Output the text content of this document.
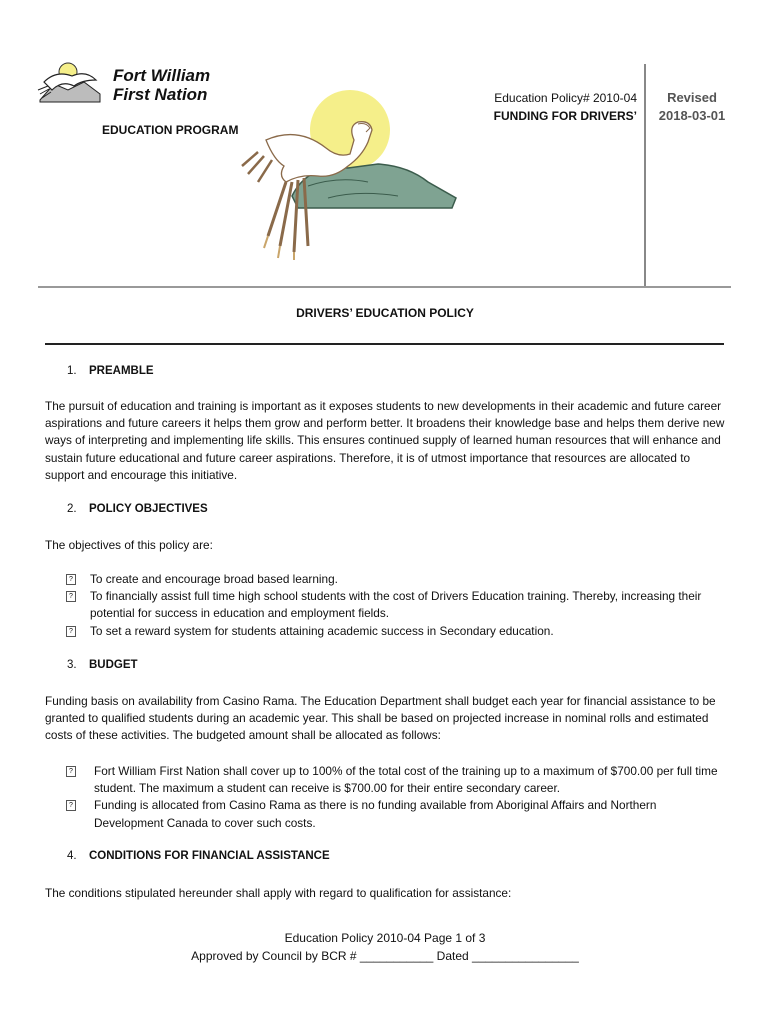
Fort William
First Nation
EDUCATION PROGRAM
Education Policy# 2010-04
FUNDING FOR DRIVERS’
Revised
2018-03-01
DRIVERS’ EDUCATION POLICY
1. PREAMBLE
The pursuit of education and training is important as it exposes students to new developments in their academic and future career aspirations and future careers it helps them grow and perform better. It broadens their knowledge base and helps them derive new ways of interpreting and implementing life skills. This ensures continued supply of learned human resources that will enhance and sustain future educational and future career aspirations. Therefore, it is of utmost importance that resources are allocated to support and encourage this initiative.
2. POLICY OBJECTIVES
The objectives of this policy are:
? To create and encourage broad based learning.
? To financially assist full time high school students with the cost of Drivers Education training. Thereby, increasing their potential for success in education and employment fields.
? To set a reward system for students attaining academic success in Secondary education.
3. BUDGET
Funding basis on availability from Casino Rama. The Education Department shall budget each year for financial assistance to be granted to qualified students during an academic year. This shall be based on projected increase in nominal rolls and estimated costs of these activities. The budgeted amount shall be allocated as follows:
? Fort William First Nation shall cover up to 100% of the total cost of the training up to a maximum of $700.00 per full time student. The maximum a student can receive is $700.00 for their entire secondary career.
? Funding is allocated from Casino Rama as there is no funding available from Aboriginal Affairs and Northern Development Canada to cover such costs.
4. CONDITIONS FOR FINANCIAL ASSISTANCE
The conditions stipulated hereunder shall apply with regard to qualification for assistance:
Education Policy 2010-04 Page 1 of 3
Approved by Council by BCR # ___________ Dated ________________
